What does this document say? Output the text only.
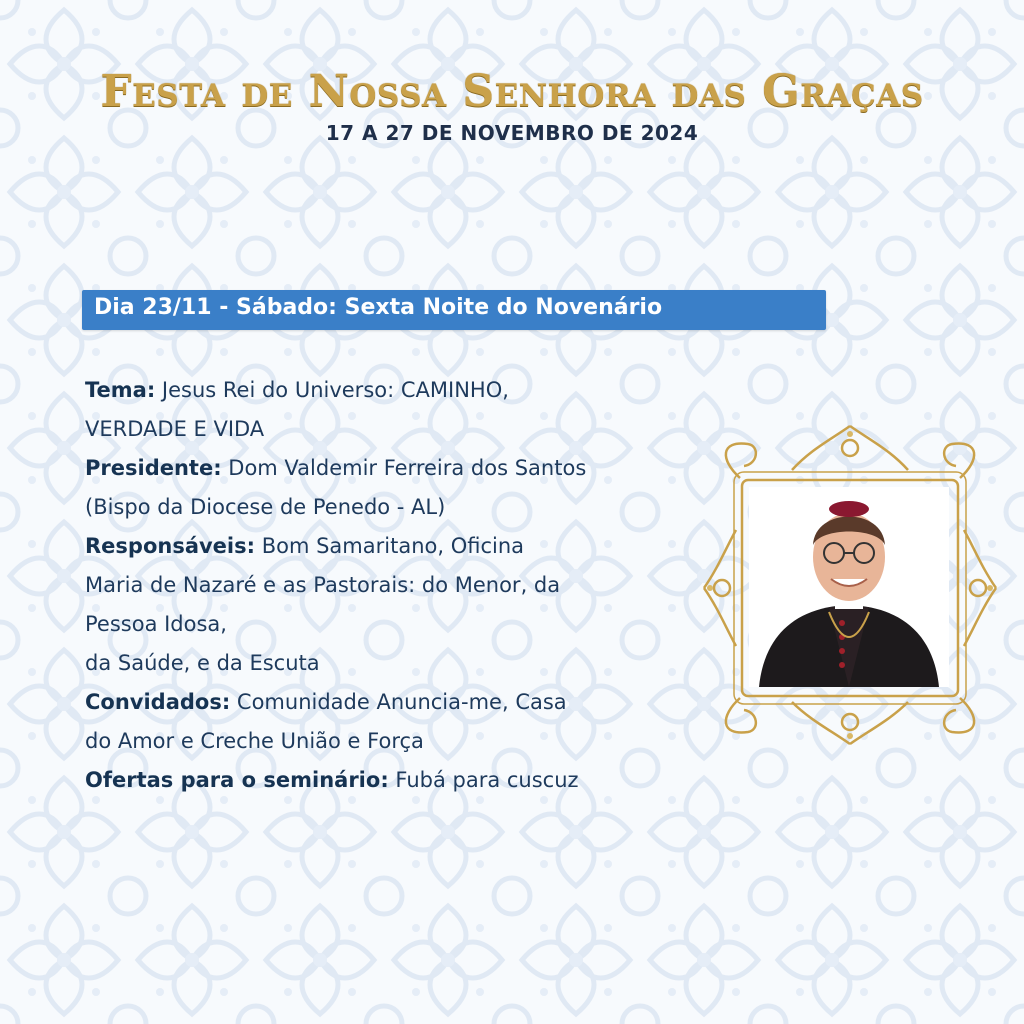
Festa de Nossa Senhora das Graças
17 A 27 DE NOVEMBRO DE 2024
Dia 23/11 - Sábado: Sexta Noite do Novenário
Tema: Jesus Rei do Universo: CAMINHO,
VERDADE E VIDA
Presidente: Dom Valdemir Ferreira dos Santos
(Bispo da Diocese de Penedo - AL)
Responsáveis: Bom Samaritano, Oficina
Maria de Nazaré e as Pastorais: do Menor, da
Pessoa Idosa,
da Saúde, e da Escuta
Convidados: Comunidade Anuncia-me, Casa
do Amor e Creche União e Força
Ofertas para o seminário: Fubá para cuscuz
